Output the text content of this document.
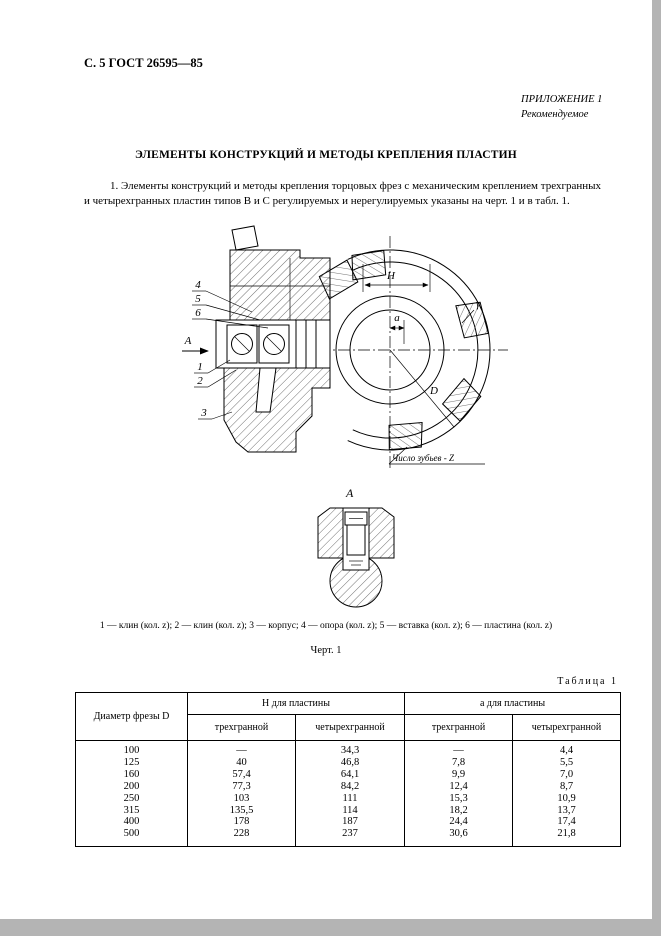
С. 5 ГОСТ 26595—85
ПРИЛОЖЕНИЕ 1
Рекомендуемое
ЭЛЕМЕНТЫ КОНСТРУКЦИЙ И МЕТОДЫ КРЕПЛЕНИЯ ПЛАСТИН
1. Элементы конструкций и методы крепления торцовых фрез с механическим креплением трехгранных и четырехгранных пластин типов В и С регулируемых и нерегулируемых указаны на черт. 1 и в табл. 1.
H
а
D
γ
Число зубьев - Z
4
5
6
А
1
2
3
А
1 — клин (кол. z); 2 — клин (кол. z); 3 — корпус; 4 — опора (кол. z); 5 — вставка (кол. z); 6 — пластина (кол. z)
Черт. 1
Таблица 1
Диаметр фрезы D	Н для пластины		а для пластины	
	трехгранной	четырехгранной	трехгранной	четырехгранной
100	—	34,3	—	4,4
125	40	46,8	7,8	5,5
160	57,4	64,1	9,9	7,0
200	77,3	84,2	12,4	8,7
250	103	111	15,3	10,9
315	135,5	114	18,2	13,7
400	178	187	24,4	17,4
500	228	237	30,6	21,8
